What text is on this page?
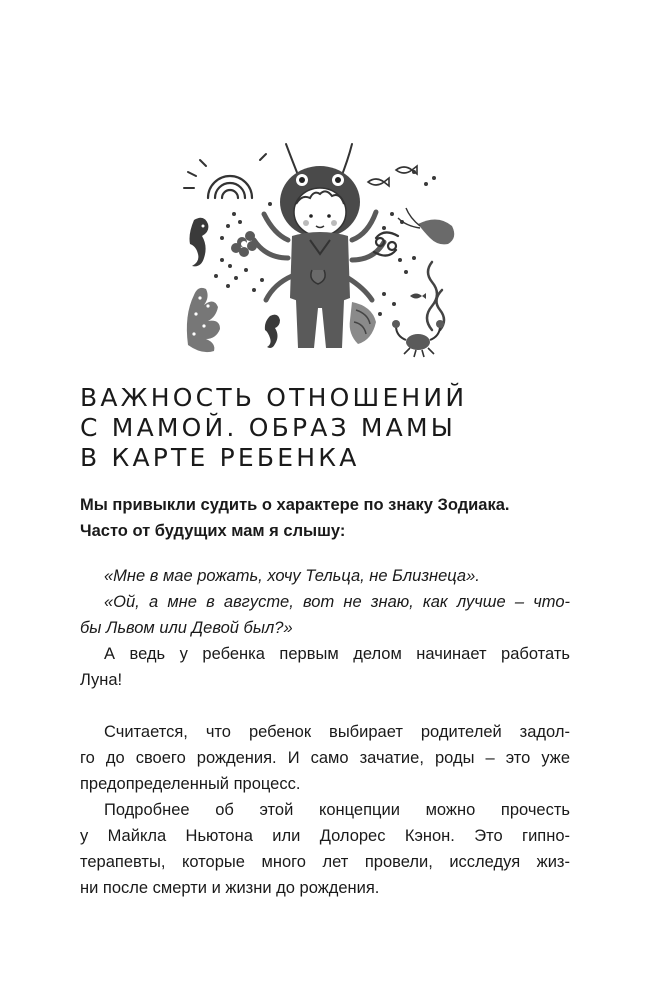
ВАЖНОСТЬ ОТНОШЕНИЙ
С МАМОЙ. ОБРАЗ МАМЫ
В КАРТЕ РЕБЕНКА

Мы привыкли судить о характере по знаку Зодиака.
Часто от будущих мам я слышу:

«Мне в мае рожать, хочу Тельца, не Близнеца».
«Ой, а мне в августе, вот не знаю, как лучше – что-
бы Львом или Девой был?»
А ведь у ребенка первым делом начинает работать
Луна!
Считается, что ребенок выбирает родителей задол-
го до своего рождения. И само зачатие, роды – это уже
предопределенный процесс.
Подробнее об этой концепции можно прочесть
у Майкла Ньютона или Долорес Кэнон. Это гипно-
терапевты, которые много лет провели, исследуя жиз-
ни после смерти и жизни до рождения.
